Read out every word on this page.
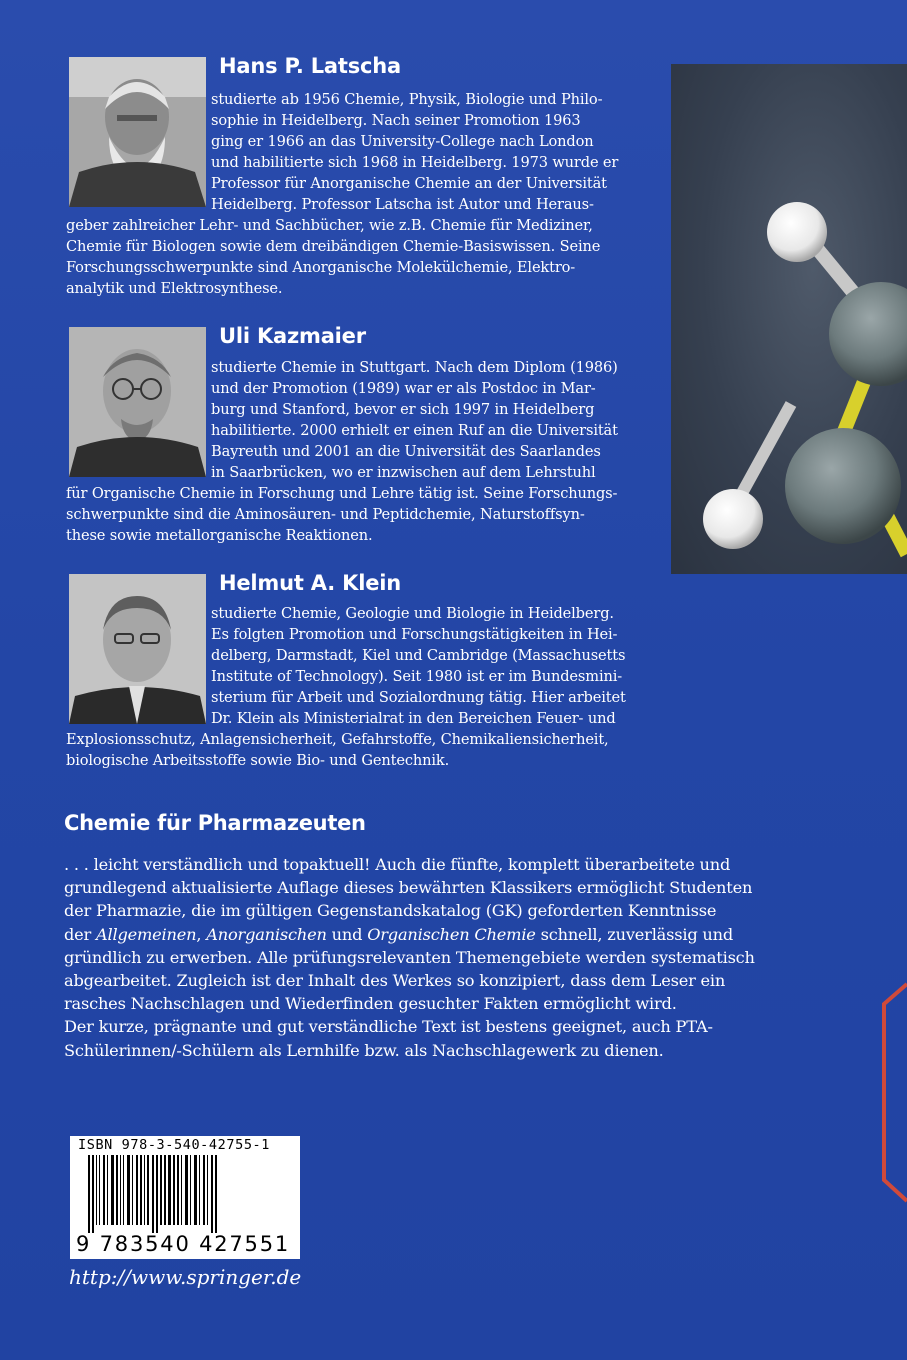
Hans P. Latscha
studierte ab 1956 Chemie, Physik, Biologie und Philo-
sophie in Heidelberg. Nach seiner Promotion 1963
ging er 1966 an das University-College nach London
und habilitierte sich 1968 in Heidelberg. 1973 wurde er
Professor für Anorganische Chemie an der Universität
Heidelberg. Professor Latscha ist Autor und Heraus-
geber zahlreicher Lehr- und Sachbücher, wie z.B. Chemie für Mediziner,
Chemie für Biologen sowie dem dreibändigen Chemie-Basiswissen. Seine
Forschungsschwerpunkte sind Anorganische Molekülchemie, Elektro-
analytik und Elektrosynthese.
Uli Kazmaier
studierte Chemie in Stuttgart. Nach dem Diplom (1986)
und der Promotion (1989) war er als Postdoc in Mar-
burg und Stanford, bevor er sich 1997 in Heidelberg
habilitierte. 2000 erhielt er einen Ruf an die Universität
Bayreuth und 2001 an die Universität des Saarlandes
in Saarbrücken, wo er inzwischen auf dem Lehrstuhl
für Organische Chemie in Forschung und Lehre tätig ist. Seine Forschungs-
schwerpunkte sind die Aminosäuren- und Peptidchemie, Naturstoffsyn-
these sowie metallorganische Reaktionen.
Helmut A. Klein
studierte Chemie, Geologie und Biologie in Heidelberg.
Es folgten Promotion und Forschungstätigkeiten in Hei-
delberg, Darmstadt, Kiel und Cambridge (Massachusetts
Institute of Technology). Seit 1980 ist er im Bundesmini-
sterium für Arbeit und Sozialordnung tätig. Hier arbeitet
Dr. Klein als Ministerialrat in den Bereichen Feuer- und
Explosionsschutz, Anlagensicherheit, Gefahrstoffe, Chemikaliensicherheit,
biologische Arbeitsstoffe sowie Bio- und Gentechnik.
Chemie für Pharmazeuten
. . . leicht verständlich und topaktuell! Auch die fünfte, komplett überarbeitete und
grundlegend aktualisierte Auflage dieses bewährten Klassikers ermöglicht Studenten
der Pharmazie, die im gültigen Gegenstandskatalog (GK) geforderten Kenntnisse
der Allgemeinen, Anorganischen und Organischen Chemie schnell, zuverlässig und
gründlich zu erwerben. Alle prüfungsrelevanten Themengebiete werden systematisch
abgearbeitet. Zugleich ist der Inhalt des Werkes so konzipiert, dass dem Leser ein
rasches Nachschlagen und Wiederfinden gesuchter Fakten ermöglicht wird.
Der kurze, prägnante und gut verständliche Text ist bestens geeignet, auch PTA-
Schülerinnen/-Schülern als Lernhilfe bzw. als Nachschlagewerk zu dienen.
ISBN 978-3-540-42755-1
9 783540 427551
http://www.springer.de
